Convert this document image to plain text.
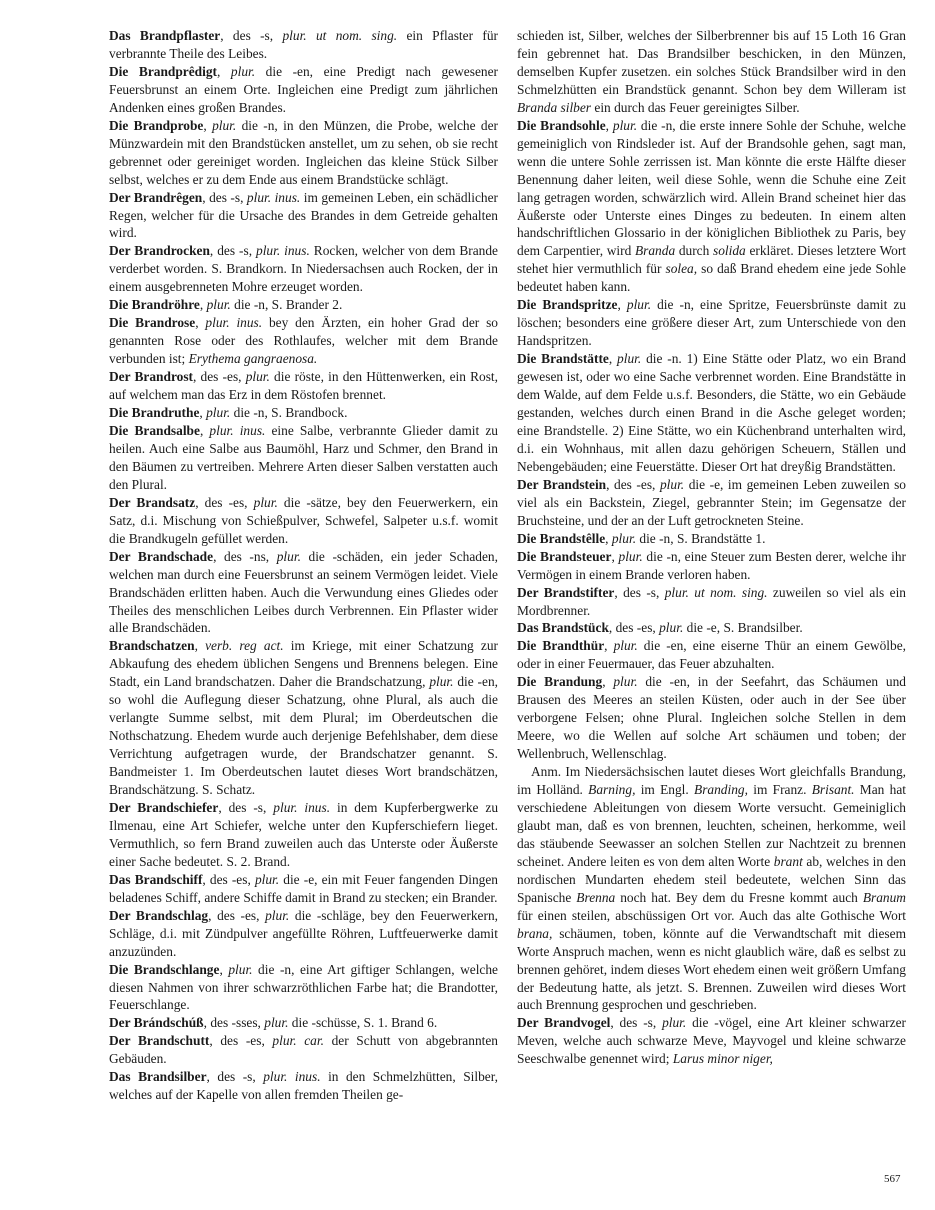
Das Brandpflaster, des -s, plur. ut nom. sing. ein Pflaster für verbrannte Theile des Leibes.

Die Brandprêdigt, plur. die -en, eine Predigt nach gewesener Feuersbrunst an einem Orte. Ingleichen eine Predigt zum jährlichen Andenken eines großen Brandes.

Die Brandprobe, plur. die -n, in den Münzen, die Probe, welche der Münzwardein mit den Brandstücken anstellet, um zu sehen, ob sie recht gebrennet oder gereiniget worden. Ingleichen das kleine Stück Silber selbst, welches er zu dem Ende aus einem Brandstücke schlägt.

Der Brandrêgen, des -s, plur. inus. im gemeinen Leben, ein schädlicher Regen, welcher für die Ursache des Brandes in dem Getreide gehalten wird.

Der Brandrocken, des -s, plur. inus. Rocken, welcher von dem Brande verderbet worden. S. Brandkorn. In Niedersachsen auch Rocken, der in einem ausgebrenneten Mohre erzeuget worden.

Die Brandröhre, plur. die -n, S. Brander 2.

Die Brandrose, plur. inus. bey den Ärzten, ein hoher Grad der so genannten Rose oder des Rothlaufes, welcher mit dem Brande verbunden ist; Erythema gangraenosa.

Der Brandrost, des -es, plur. die röste, in den Hüttenwerken, ein Rost, auf welchem man das Erz in dem Röstofen brennet.

Die Brandruthe, plur. die -n, S. Brandbock.

Die Brandsalbe, plur. inus. eine Salbe, verbrannte Glieder damit zu heilen. Auch eine Salbe aus Baumöhl, Harz und Schmer, den Brand in den Bäumen zu vertreiben. Mehrere Arten dieser Salben verstatten auch den Plural.

Der Brandsatz, des -es, plur. die -sätze, bey den Feuerwerkern, ein Satz, d.i. Mischung von Schießpulver, Schwefel, Salpeter u.s.f. womit die Brandkugeln gefüllet werden.

Der Brandschade, des -ns, plur. die -schäden, ein jeder Schaden, welchen man durch eine Feuersbrunst an seinem Vermögen leidet. Viele Brandschäden erlitten haben. Auch die Verwundung eines Gliedes oder Theiles des menschlichen Leibes durch Verbrennen. Ein Pflaster wider alle Brandschäden.

Brandschatzen, verb. reg act. im Kriege, mit einer Schatzung zur Abkaufung des ehedem üblichen Sengens und Brennens belegen. Eine Stadt, ein Land brandschatzen. Daher die Brandschatzung, plur. die -en, so wohl die Auflegung dieser Schatzung, ohne Plural, als auch die verlangte Summe selbst, mit dem Plural; im Oberdeutschen die Nothschatzung. Ehedem wurde auch derjenige Befehlshaber, dem diese Verrichtung aufgetragen wurde, der Brandschatzer genannt. S. Bandmeister 1. Im Oberdeutschen lautet dieses Wort brandschätzen, Brandschätzung. S. Schatz.

Der Brandschiefer, des -s, plur. inus. in dem Kupferbergwerke zu Ilmenau, eine Art Schiefer, welche unter den Kupferschiefern lieget. Vermuthlich, so fern Brand zuweilen auch das Unterste oder Äußerste einer Sache bedeutet. S. 2. Brand.

Das Brandschiff, des -es, plur. die -e, ein mit Feuer fangenden Dingen beladenes Schiff, andere Schiffe damit in Brand zu stecken; ein Brander.

Der Brandschlag, des -es, plur. die -schläge, bey den Feuerwerkern, Schläge, d.i. mit Zündpulver angefüllte Röhren, Luftfeuerwerke damit anzuzünden.

Die Brandschlange, plur. die -n, eine Art giftiger Schlangen, welche diesen Nahmen von ihrer schwarzröthlichen Farbe hat; die Brandotter, Feuerschlange.

Der Brándschúß, des -sses, plur. die -schüsse, S. 1. Brand 6.

Der Brandschutt, des -es, plur. car. der Schutt von abgebrannten Gebäuden.

Das Brandsilber, des -s, plur. inus. in den Schmelzhütten, Silber, welches auf der Kapelle von allen fremden Theilen ge-

schieden ist, Silber, welches der Silberbrenner bis auf 15 Loth 16 Gran fein gebrennet hat. Das Brandsilber beschicken, in den Münzen, demselben Kupfer zusetzen. ein solches Stück Brandsilber wird in den Schmelzhütten ein Brandstück genannt. Schon bey dem Willeram ist Branda silber ein durch das Feuer gereinigtes Silber.

Die Brandsohle, plur. die -n, die erste innere Sohle der Schuhe, welche gemeiniglich von Rindsleder ist. Auf der Brandsohle gehen, sagt man, wenn die untere Sohle zerrissen ist. Man könnte die erste Hälfte dieser Benennung daher leiten, weil diese Sohle, wenn die Schuhe eine Zeit lang getragen worden, schwärzlich wird. Allein Brand scheinet hier das Äußerste oder Unterste eines Dinges zu bedeuten. In einem alten handschriftlichen Glossario in der königlichen Bibliothek zu Paris, bey dem Carpentier, wird Branda durch solida erkläret. Dieses letztere Wort stehet hier vermuthlich für solea, so daß Brand ehedem eine jede Sohle bedeutet haben kann.

Die Brandspritze, plur. die -n, eine Spritze, Feuersbrünste damit zu löschen; besonders eine größere dieser Art, zum Unterschiede von den Handspritzen.

Die Brandstätte, plur. die -n. 1) Eine Stätte oder Platz, wo ein Brand gewesen ist, oder wo eine Sache verbrennet worden. Eine Brandstätte in dem Walde, auf dem Felde u.s.f. Besonders, die Stätte, wo ein Gebäude gestanden, welches durch einen Brand in die Asche geleget worden; eine Brandstelle. 2) Eine Stätte, wo ein Küchenbrand unterhalten wird, d.i. ein Wohnhaus, mit allen dazu gehörigen Scheuern, Ställen und Nebengebäuden; eine Feuerstätte. Dieser Ort hat dreyßig Brandstätten.

Der Brandstein, des -es, plur. die -e, im gemeinen Leben zuweilen so viel als ein Backstein, Ziegel, gebrannter Stein; im Gegensatze der Bruchsteine, und der an der Luft getrockneten Steine.

Die Brandstêlle, plur. die -n, S. Brandstätte 1.

Die Brandsteuer, plur. die -n, eine Steuer zum Besten derer, welche ihr Vermögen in einem Brande verloren haben.

Der Brandstifter, des -s, plur. ut nom. sing. zuweilen so viel als ein Mordbrenner.

Das Brandstück, des -es, plur. die -e, S. Brandsilber.

Die Brandthür, plur. die -en, eine eiserne Thür an einem Gewölbe, oder in einer Feuermauer, das Feuer abzuhalten.

Die Brandung, plur. die -en, in der Seefahrt, das Schäumen und Brausen des Meeres an steilen Küsten, oder auch in der See über verborgene Felsen; ohne Plural. Ingleichen solche Stellen in dem Meere, wo die Wellen auf solche Art schäumen und toben; der Wellenbruch, Wellenschlag.

Anm. Im Niedersächsischen lautet dieses Wort gleichfalls Brandung, im Holländ. Barning, im Engl. Branding, im Franz. Brisant. Man hat verschiedene Ableitungen von diesem Worte versucht. Gemeiniglich glaubt man, daß es von brennen, leuchten, scheinen, herkomme, weil das stäubende Seewasser an solchen Stellen zur Nachtzeit zu brennen scheinet. Andere leiten es von dem alten Worte brant ab, welches in den nordischen Mundarten ehedem steil bedeutete, welchen Sinn das Spanische Brenna noch hat. Bey dem du Fresne kommt auch Branum für einen steilen, abschüssigen Ort vor. Auch das alte Gothische Wort brana, schäumen, toben, könnte auf die Verwandtschaft mit diesem Worte Anspruch machen, wenn es nicht glaublich wäre, daß es selbst zu brennen gehöret, indem dieses Wort ehedem einen weit größern Umfang der Bedeutung hatte, als jetzt. S. Brennen. Zuweilen wird dieses Wort auch Brennung gesprochen und geschrieben.

Der Brandvogel, des -s, plur. die -vögel, eine Art kleiner schwarzer Meven, welche auch schwarze Meve, Mayvogel und kleine schwarze Seeschwalbe genennet wird; Larus minor niger,

567
